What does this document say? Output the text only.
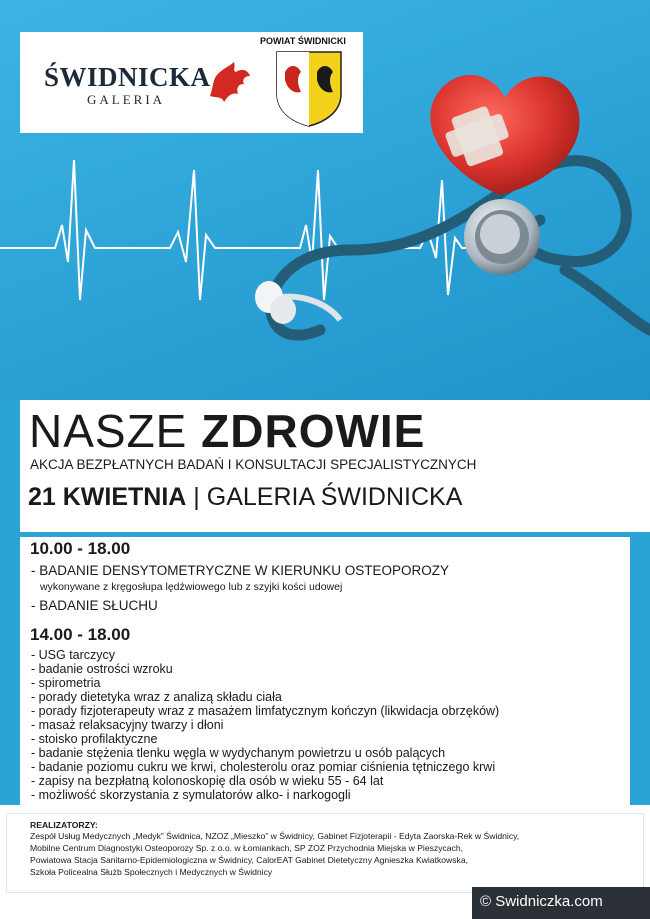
ŚWIDNICKA
GALERIA
POWIAT ŚWIDNICKI
NASZE ZDROWIE
AKCJA BEZPŁATNYCH BADAŃ I KONSULTACJI SPECJALISTYCZNYCH
21 KWIETNIA | GALERIA ŚWIDNICKA
10.00 - 18.00
- BADANIE DENSYTOMETRYCZNE W KIERUNKU OSTEOPOROZY
wykonywane z kręgosłupa lędźwiowego lub z szyjki kości udowej
- BADANIE SŁUCHU
14.00 - 18.00
- USG tarczycy
- badanie ostrości wzroku
- spirometria
- porady dietetyka wraz z analizą składu ciała
- porady fizjoterapeuty wraz z masażem limfatycznym kończyn (likwidacja obrzęków)
- masaż relaksacyjny twarzy i dłoni
- stoisko profilaktyczne
- badanie stężenia tlenku węgla w wydychanym powietrzu u osób palących
- badanie poziomu cukru we krwi, cholesterolu oraz pomiar ciśnienia tętniczego krwi
- zapisy na bezpłatną kolonoskopię dla osób w wieku 55 - 64 lat
- możliwość skorzystania z symulatorów alko- i narkogogli
REALIZATORZY:
Zespół Usług Medycznych „Medyk” Świdnica, NZOZ „Mieszko” w Świdnicy, Gabinet Fizjoterapii - Edyta Zaorska-Rek w Świdnicy,
Mobilne Centrum Diagnostyki Osteoporozy Sp. z o.o. w Łomiankach, SP ZOZ Przychodnia Miejska w Pieszycach,
Powiatowa Stacja Sanitarno-Epidemiologiczna w Świdnicy, CalorEAT Gabinet Dietetyczny Agnieszka Kwiatkowska,
Szkoła Policealna Służb Społecznych i Medycznych w Świdnicy
© Swidniczka.com
